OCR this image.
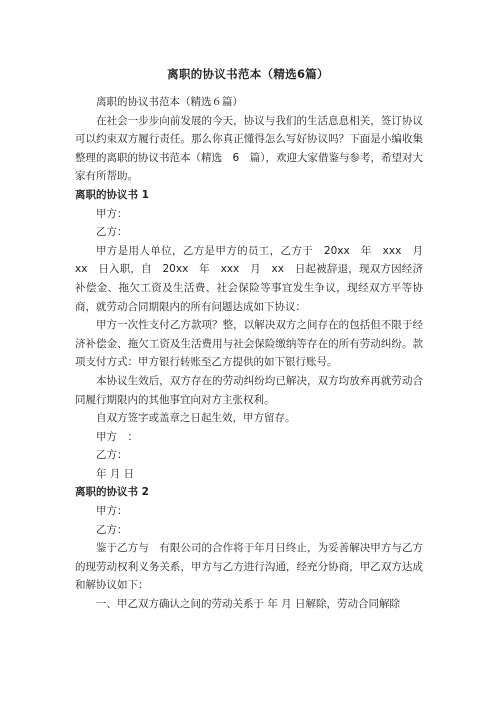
离职的协议书范本（精选6篇）

离职的协议书范本（精选６篇）

在社会一步步向前发展的今天，协议与我们的生活息息相关，签订协议可以约束双方履行责任。那么你真正懂得怎么写好协议吗？下面是小编收集整理的离职的协议书范本（精选　6　篇），欢迎大家借鉴与参考，希望对大家有所帮助。

离职的协议书 1

甲方：

乙方：

甲方是用人单位，乙方是甲方的员工，乙方于　20xx　年　xxx　月　xx　日入职，自　20xx　年　xxx　月　xx　日起被辞退，现双方因经济补偿金、拖欠工资及生活费、社会保险等事宜发生争议，现经双方平等协商，就劳动合同期限内的所有问题达成如下协议：

甲方一次性支付乙方款项？整，以解决双方之间存在的包括但不限于经济补偿金、拖欠工资及生活费用与社会保险缴纳等存在的所有劳动纠纷。款项支付方式：甲方银行转账至乙方提供的如下银行账号。

本协议生效后，双方存在的劳动纠纷均已解决，双方均放弃再就劳动合同履行期限内的其他事宜向对方主张权利。

自双方签字或盖章之日起生效，甲方留存。

甲方　：

乙方：

年 月 日

离职的协议书 2

甲方：

乙方：

鉴于乙方与　有限公司的合作将于年月日终止，为妥善解决甲方与乙方的现劳动权利义务关系，甲方与乙方进行沟通，经充分协商，甲乙双方达成和解协议如下：

一、甲乙双方确认之间的劳动关系于 年 月 日解除，劳动合同解除
